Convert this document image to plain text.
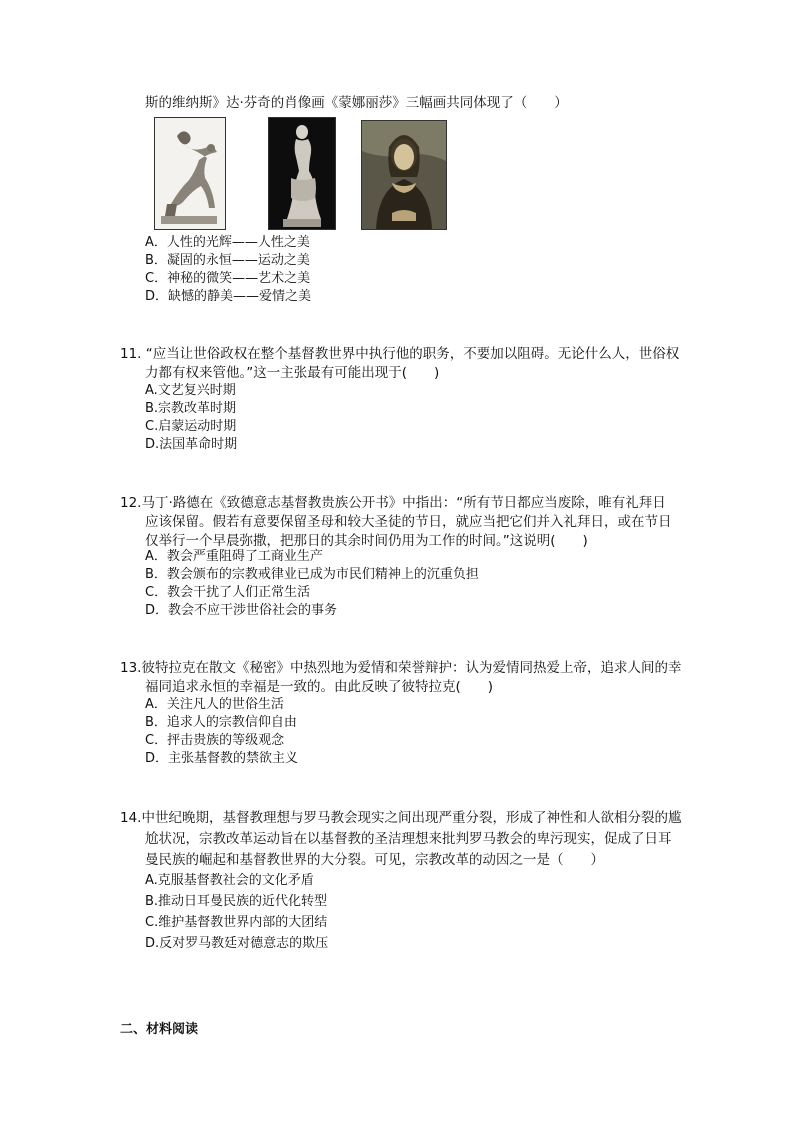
斯的维纳斯》达·芬奇的肖像画《蒙娜丽莎》三幅画共同体现了（　　）
A．人性的光辉——人性之美
B．凝固的永恒——运动之美
C．神秘的微笑——艺术之美
D．缺憾的静美——爱情之美
11. “应当让世俗政权在整个基督教世界中执行他的职务，不要加以阻碍。无论什么人，世俗权
力都有权来管他。”这一主张最有可能出现于(　　)
A.文艺复兴时期
B.宗教改革时期
C.启蒙运动时期
D.法国革命时期
12.马丁·路德在《致德意志基督教贵族公开书》中指出：“所有节日都应当废除，唯有礼拜日
应该保留。假若有意要保留圣母和较大圣徒的节日，就应当把它们并入礼拜日，或在节日
仅举行一个早晨弥撒，把那日的其余时间仍用为工作的时间。”这说明(　　)
A．教会严重阻碍了工商业生产
B．教会颁布的宗教戒律业已成为市民们精神上的沉重负担
C．教会干扰了人们正常生活
D．教会不应干涉世俗社会的事务
13.彼特拉克在散文《秘密》中热烈地为爱情和荣誉辩护：认为爱情同热爱上帝，追求人间的幸
福同追求永恒的幸福是一致的。由此反映了彼特拉克(　　)
A．关注凡人的世俗生活
B．追求人的宗教信仰自由
C．抨击贵族的等级观念
D．主张基督教的禁欲主义
14.中世纪晚期，基督教理想与罗马教会现实之间出现严重分裂，形成了神性和人欲相分裂的尴
尬状况，宗教改革运动旨在以基督教的圣洁理想来批判罗马教会的卑污现实，促成了日耳
曼民族的崛起和基督教世界的大分裂。可见，宗教改革的动因之一是（　　）
A.克服基督教社会的文化矛盾
B.推动日耳曼民族的近代化转型
C.维护基督教世界内部的大团结
D.反对罗马教廷对德意志的欺压
二、材料阅读
